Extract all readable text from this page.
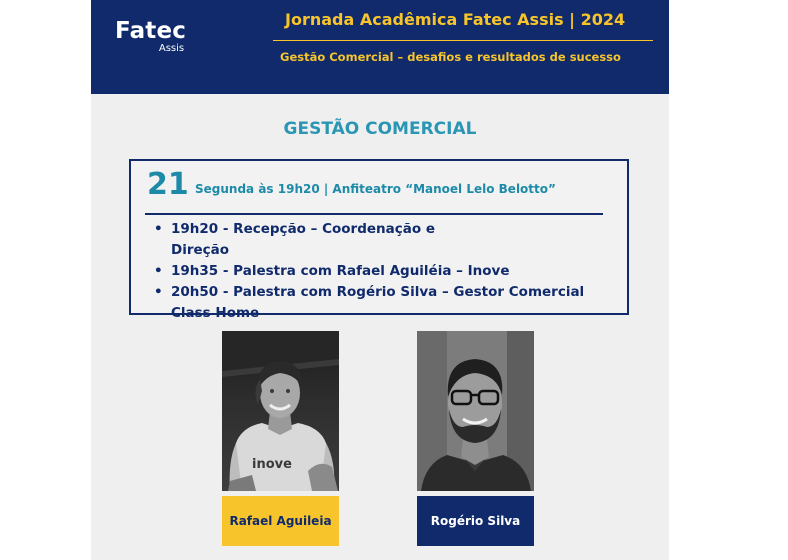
Fatec
Assis
Jornada Acadêmica Fatec Assis | 2024
Gestão Comercial – desafios e resultados de sucesso
GESTÃO COMERCIAL
21 Segunda às 19h20 | Anfiteatro “Manoel Lelo Belotto”
• 19h20 - Recepção – Coordenação e Direção
• 19h35 - Palestra com Rafael Aguiléia – Inove
• 20h50 - Palestra com Rogério Silva – Gestor Comercial Class Home
inove
Rafael Aguileia	Rogério Silva
